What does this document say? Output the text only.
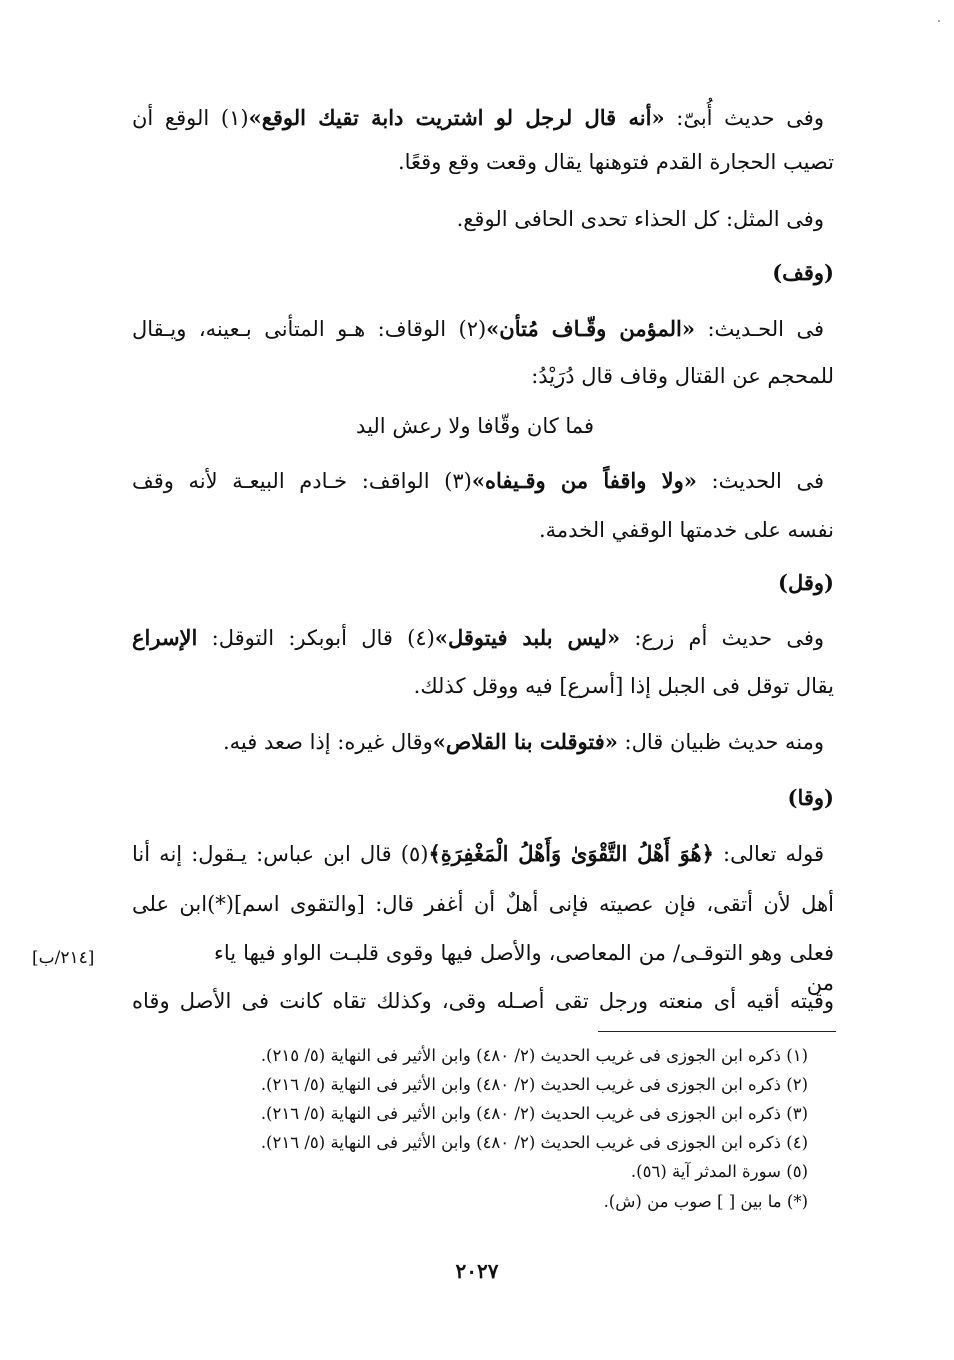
وفى حديث أُبىّ: «أنه قال لرجل لو اشتريت دابة تقيك الوقع»(١) الوقع أن
تصيب الحجارة القدم فتوهنها يقال وقعت وقع وقعًا.
وفى المثل: كل الحذاء تحدى الحافى الوقع.
(وقف)
فى الحـديث: «المؤمن وقّـاف مُتأن»(٢) الوقاف: هـو المتأنى بـعينه، ويـقال
للمحجم عن القتال وقاف قال دُرَيْدُ:
فما كان وقّافا ولا رعش اليد
فى الحديث: «ولا واقفاً من وقـيفاه»(٣) الواقف: خـادم البيعـة لأنه وقف
نفسه على خدمتها الوقفي الخدمة.
(وقل)
وفى حديث أم زرع: «ليس بلبد فيتوقل»(٤) قال أبوبكر: التوقل: الإسراع
يقال توقل فى الجبل إذا [أسرع] فيه ووقل كذلك.
ومنه حديث ظبيان قال: «فتوقلت بنا القلاص»وقال غيره: إذا صعد فيه.
(وقا)
قوله تعالى: ﴿هُوَ أَهْلُ التَّقْوَىٰ وَأَهْلُ الْمَغْفِرَةِ﴾(٥) قال ابن عباس: يـقول: إنه أنا
أهل لأن أتقى، فإن عصيته فإنى أهلٌ أن أغفر قال: [والتقوى اسم](*)ابن على
فعلى وهو التوقـى/ من المعاصى، والأصل فيها وقوى قلبـت الواو فيها ياء من
وقيته أقيه أى منعته ورجل تقى أصـله وقى، وكذلك تقاه كانت فى الأصل وقاه
[٢١٤/ب]
(١) ذكره ابن الجوزى فى غريب الحديث (٢/ ٤٨٠) وابن الأثير فى النهاية (٥/ ٢١٥).
(٢) ذكره ابن الجوزى فى غريب الحديث (٢/ ٤٨٠) وابن الأثير فى النهاية (٥/ ٢١٦).
(٣) ذكره ابن الجوزى فى غريب الحديث (٢/ ٤٨٠) وابن الأثير فى النهاية (٥/ ٢١٦).
(٤) ذكره ابن الجوزى فى غريب الحديث (٢/ ٤٨٠) وابن الأثير فى النهاية (٥/ ٢١٦).
(٥) سورة المدثر آية (٥٦).
(*) ما بين [ ] صوب من (ش).
٢٠٢٧
